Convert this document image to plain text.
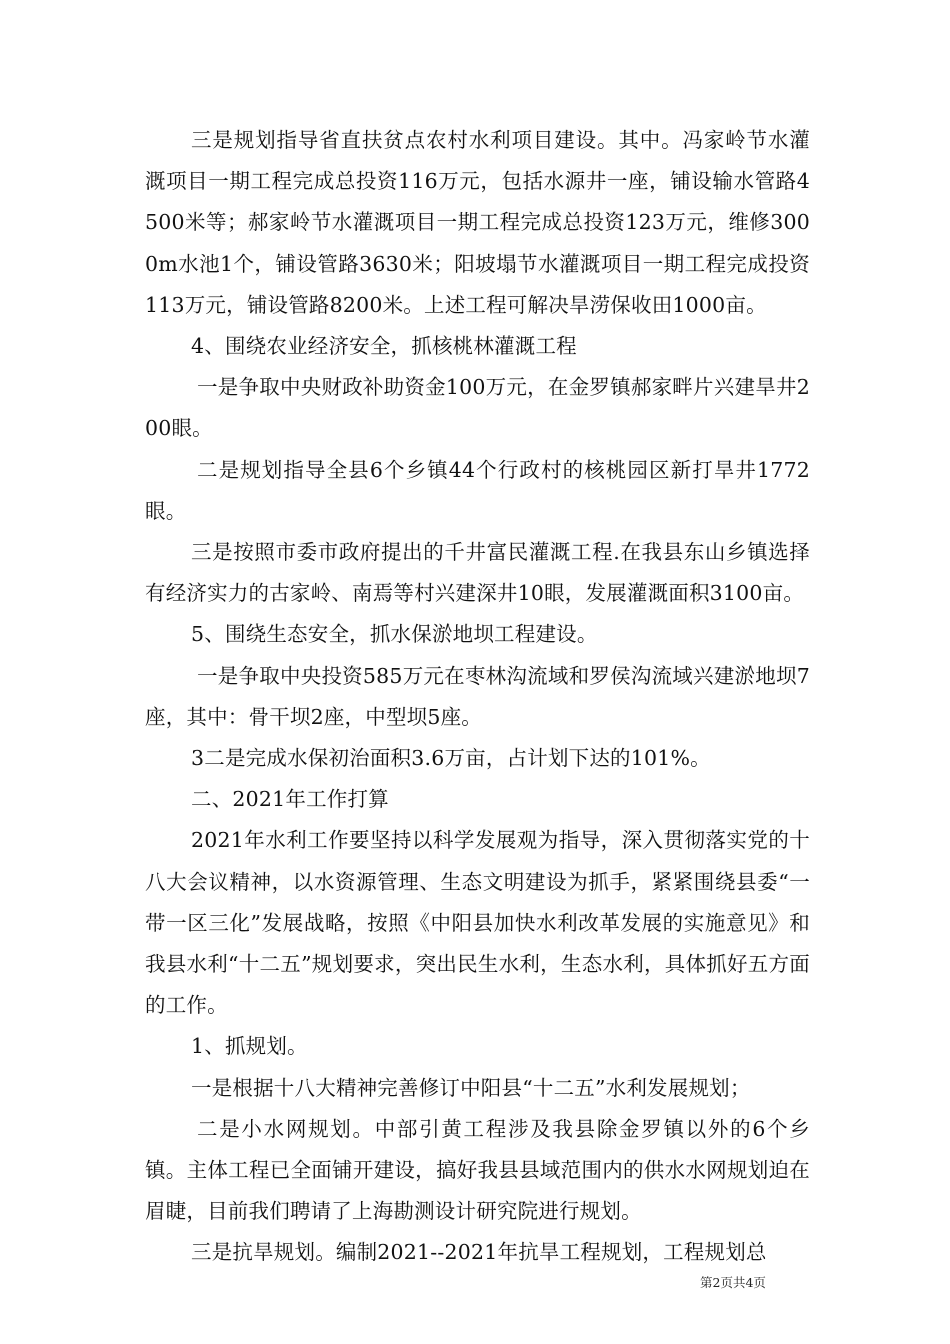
三是规划指导省直扶贫点农村水利项目建设。其中。冯家岭节水灌溉项目一期工程完成总投资116万元，包括水源井一座，铺设输水管路4500米等；郝家岭节水灌溉项目一期工程完成总投资123万元，维修3000m水池1个，铺设管路3630米；阳坡塌节水灌溉项目一期工程完成投资113万元，铺设管路8200米。上述工程可解决旱涝保收田1000亩。

4、围绕农业经济安全，抓核桃林灌溉工程

一是争取中央财政补助资金100万元，在金罗镇郝家畔片兴建旱井200眼。

二是规划指导全县6个乡镇44个行政村的核桃园区新打旱井1772眼。

三是按照市委市政府提出的千井富民灌溉工程.在我县东山乡镇选择有经济实力的古家岭、南焉等村兴建深井10眼，发展灌溉面积3100亩。

5、围绕生态安全，抓水保淤地坝工程建设。

一是争取中央投资585万元在枣林沟流域和罗侯沟流域兴建淤地坝7座，其中：骨干坝2座，中型坝5座。

3二是完成水保初治面积3.6万亩，占计划下达的101%。

二、2021年工作打算

2021年水利工作要坚持以科学发展观为指导，深入贯彻落实党的十八大会议精神，以水资源管理、生态文明建设为抓手，紧紧围绕县委“一带一区三化”发展战略，按照《中阳县加快水利改革发展的实施意见》和我县水利“十二五”规划要求，突出民生水利，生态水利，具体抓好五方面的工作。

1、抓规划。

一是根据十八大精神完善修订中阳县“十二五”水利发展规划；

二是小水网规划。中部引黄工程涉及我县除金罗镇以外的6个乡镇。主体工程已全面铺开建设，搞好我县县域范围内的供水水网规划迫在眉睫，目前我们聘请了上海勘测设计研究院进行规划。

三是抗旱规划。编制2021--2021年抗旱工程规划，工程规划总

第2页共4页
